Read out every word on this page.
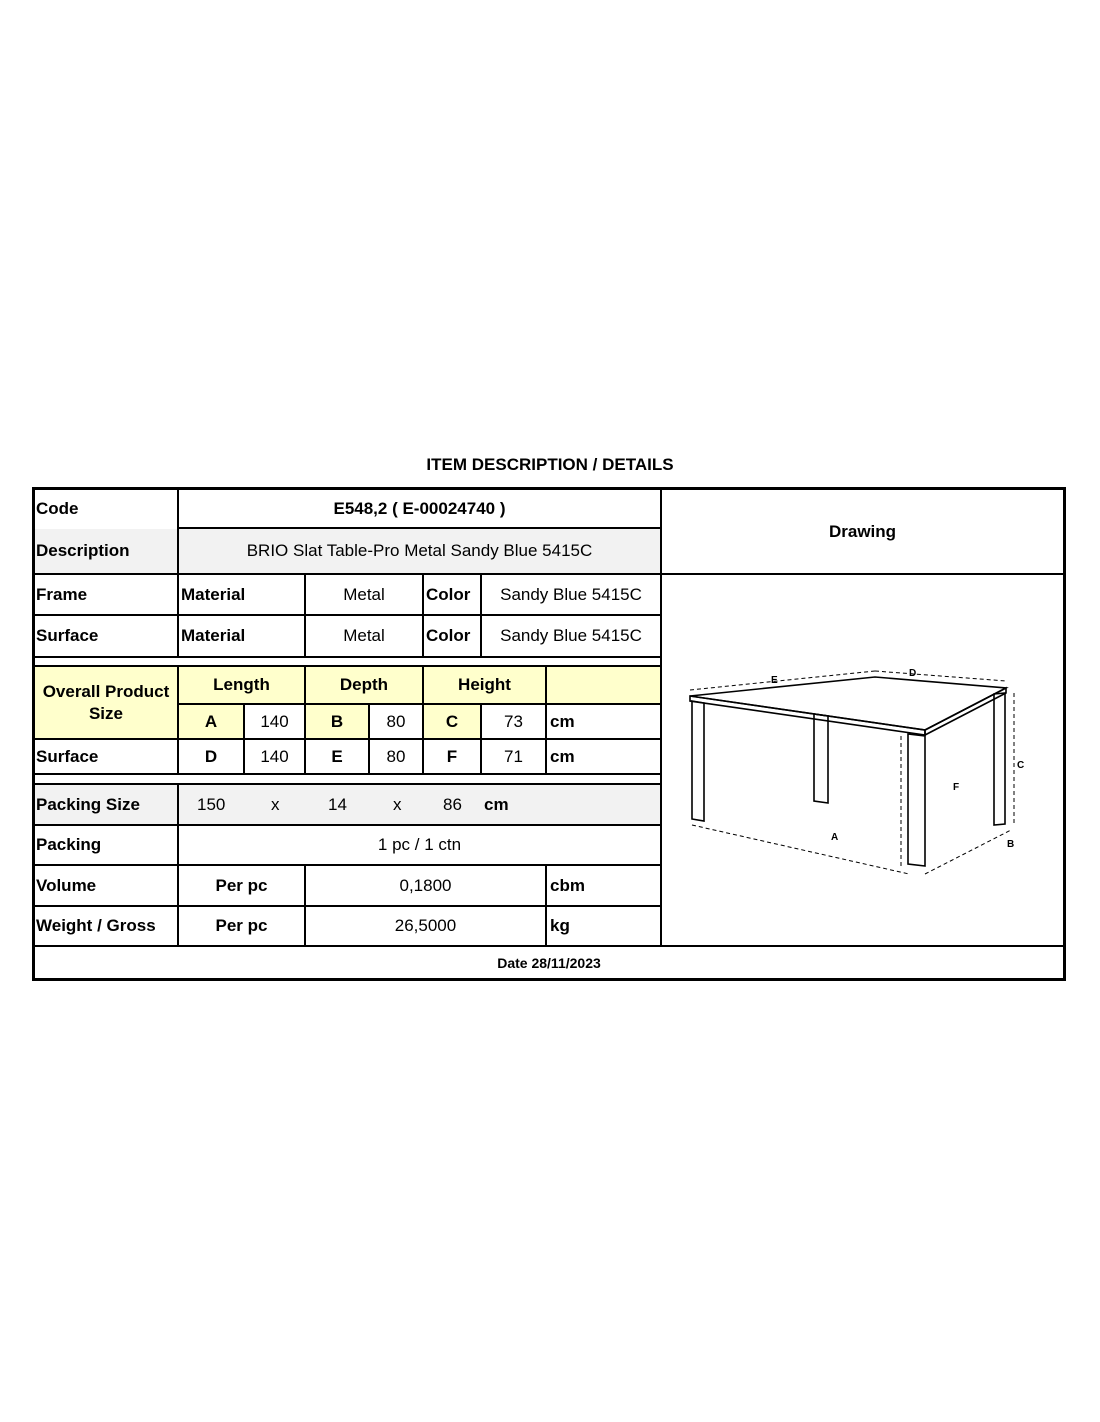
ITEM DESCRIPTION / DETAILS
Code	E548,2 ( E-00024740 )
Description	BRIO Slat Table-Pro Metal Sandy Blue 5415C
Drawing
Frame	Material	Metal	Color	Sandy Blue 5415C
Surface	Material	Metal	Color	Sandy Blue 5415C
Overall Product
Size
Length	Depth	Height
A	140	B	80	C	73	cm
Surface	D	140	E	80	F	71	cm
Packing Size	150	x	14	x 86 cm
Packing	1 pc / 1 ctn
Volume	Per pc	0,1800	cbm
Weight / Gross	Per pc	26,5000	kg
Date 28/11/2023
E
D
C
F
A
B
